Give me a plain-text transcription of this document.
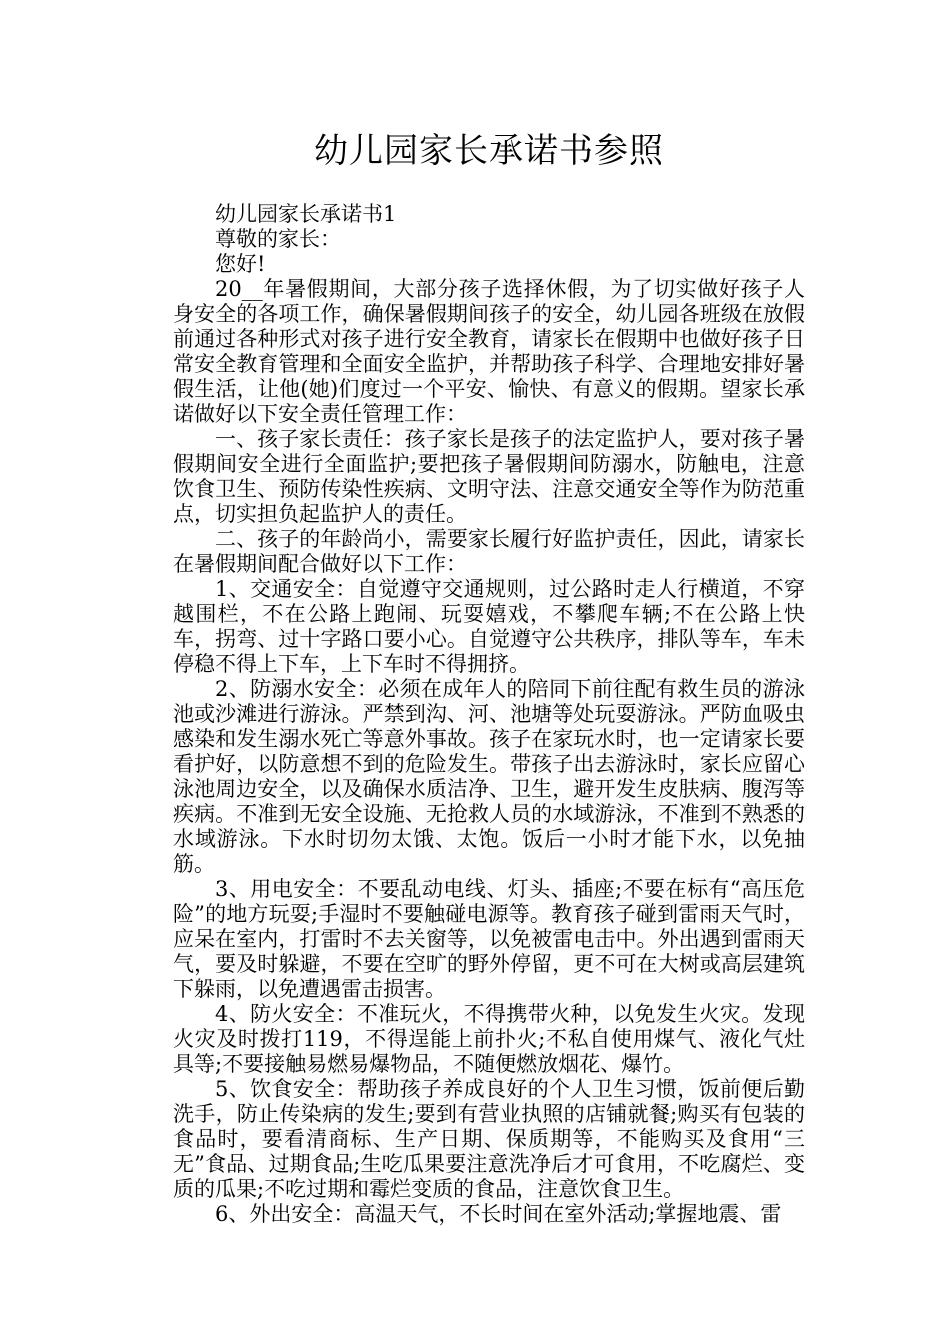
幼儿园家长承诺书参照

幼儿园家长承诺书1

尊敬的家长：

您好!

20__年暑假期间，大部分孩子选择休假，为了切实做好孩子人身安全的各项工作，确保暑假期间孩子的安全，幼儿园各班级在放假前通过各种形式对孩子进行安全教育，请家长在假期中也做好孩子日常安全教育管理和全面安全监护，并帮助孩子科学、合理地安排好暑假生活，让他(她)们度过一个平安、愉快、有意义的假期。望家长承诺做好以下安全责任管理工作：

一、孩子家长责任：孩子家长是孩子的法定监护人，要对孩子暑假期间安全进行全面监护;要把孩子暑假期间防溺水，防触电，注意饮食卫生、预防传染性疾病、文明守法、注意交通安全等作为防范重点，切实担负起监护人的责任。

二、孩子的年龄尚小，需要家长履行好监护责任，因此，请家长在暑假期间配合做好以下工作：

1、交通安全：自觉遵守交通规则，过公路时走人行横道，不穿越围栏，不在公路上跑闹、玩耍嬉戏，不攀爬车辆;不在公路上快车，拐弯、过十字路口要小心。自觉遵守公共秩序，排队等车，车未停稳不得上下车，上下车时不得拥挤。

2、防溺水安全：必须在成年人的陪同下前往配有救生员的游泳池或沙滩进行游泳。严禁到沟、河、池塘等处玩耍游泳。严防血吸虫感染和发生溺水死亡等意外事故。孩子在家玩水时，也一定请家长要看护好，以防意想不到的危险发生。带孩子出去游泳时，家长应留心泳池周边安全，以及确保水质洁净、卫生，避开发生皮肤病、腹泻等疾病。不准到无安全设施、无抢救人员的水域游泳，不准到不熟悉的水域游泳。下水时切勿太饿、太饱。饭后一小时才能下水，以免抽筋。

3、用电安全：不要乱动电线、灯头、插座;不要在标有“高压危险”的地方玩耍;手湿时不要触碰电源等。教育孩子碰到雷雨天气时，应呆在室内，打雷时不去关窗等，以免被雷电击中。外出遇到雷雨天气，要及时躲避，不要在空旷的野外停留，更不可在大树或高层建筑下躲雨，以免遭遇雷击损害。

4、防火安全：不准玩火，不得携带火种，以免发生火灾。发现火灾及时拨打119，不得逞能上前扑火;不私自使用煤气、液化气灶具等;不要接触易燃易爆物品，不随便燃放烟花、爆竹。

5、饮食安全：帮助孩子养成良好的个人卫生习惯，饭前便后勤洗手，防止传染病的发生;要到有营业执照的店铺就餐;购买有包装的食品时，要看清商标、生产日期、保质期等，不能购买及食用“三无”食品、过期食品;生吃瓜果要注意洗净后才可食用，不吃腐烂、变质的瓜果;不吃过期和霉烂变质的食品，注意饮食卫生。

6、外出安全：高温天气，不长时间在室外活动;掌握地震、雷
